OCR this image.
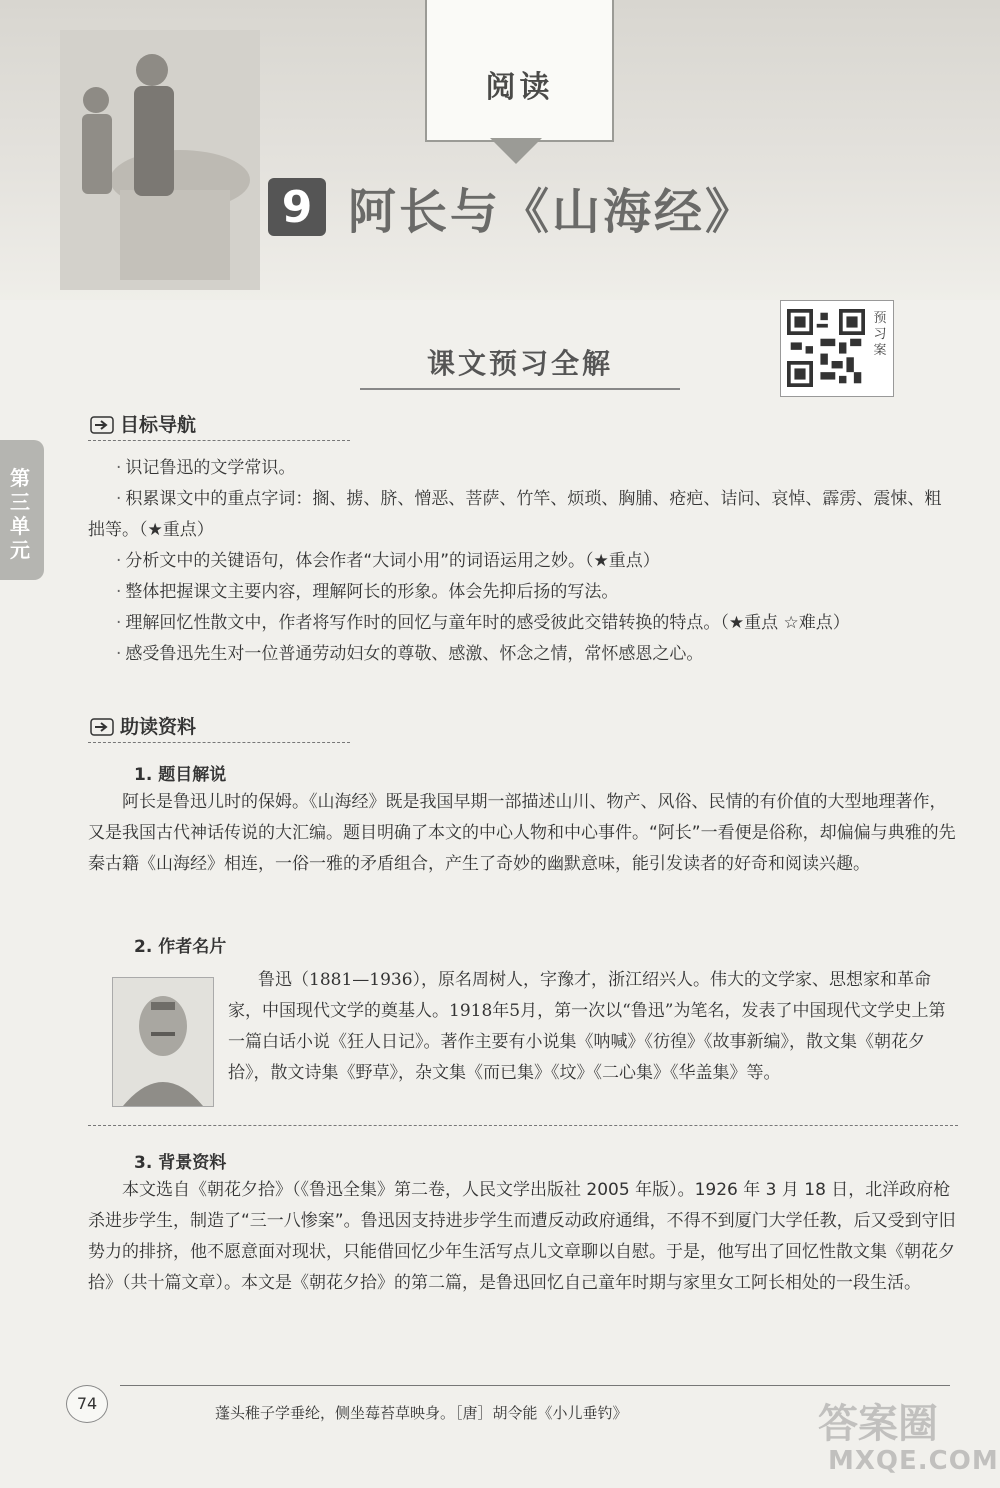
阅读
9 阿长与《山海经》
预习案
课文预习全解
第三单元
目标导航
· 识记鲁迅的文学常识。
· 积累课文中的重点字词：搁、掳、脐、憎恶、菩萨、竹竿、烦琐、胸脯、疮疤、诘问、哀悼、霹雳、震悚、粗拙等。（★重点）
· 分析文中的关键语句，体会作者“大词小用”的词语运用之妙。（★重点）
· 整体把握课文主要内容，理解阿长的形象。体会先抑后扬的写法。
· 理解回忆性散文中，作者将写作时的回忆与童年时的感受彼此交错转换的特点。（★重点 ☆难点）
· 感受鲁迅先生对一位普通劳动妇女的尊敬、感激、怀念之情，常怀感恩之心。
助读资料
1. 题目解说
阿长是鲁迅儿时的保姆。《山海经》既是我国早期一部描述山川、物产、风俗、民情的有价值的大型地理著作，又是我国古代神话传说的大汇编。题目明确了本文的中心人物和中心事件。“阿长”一看便是俗称，却偏偏与典雅的先秦古籍《山海经》相连，一俗一雅的矛盾组合，产生了奇妙的幽默意味，能引发读者的好奇和阅读兴趣。
2. 作者名片
鲁迅（1881—1936），原名周树人，字豫才，浙江绍兴人。伟大的文学家、思想家和革命家，中国现代文学的奠基人。1918年5月，第一次以“鲁迅”为笔名，发表了中国现代文学史上第一篇白话小说《狂人日记》。著作主要有小说集《呐喊》《彷徨》《故事新编》，散文集《朝花夕拾》，散文诗集《野草》，杂文集《而已集》《坟》《二心集》《华盖集》等。
3. 背景资料
本文选自《朝花夕拾》（《鲁迅全集》第二卷，人民文学出版社 2005 年版）。1926 年 3 月 18 日，北洋政府枪杀进步学生，制造了“三一八惨案”。鲁迅因支持进步学生而遭反动政府通缉，不得不到厦门大学任教，后又受到守旧势力的排挤，他不愿意面对现状，只能借回忆少年生活写点儿文章聊以自慰。于是，他写出了回忆性散文集《朝花夕拾》（共十篇文章）。本文是《朝花夕拾》的第二篇，是鲁迅回忆自己童年时期与家里女工阿长相处的一段生活。
74	蓬头稚子学垂纶，侧坐莓苔草映身。［唐］胡令能《小儿垂钓》	答案圈
MXQE.COM
